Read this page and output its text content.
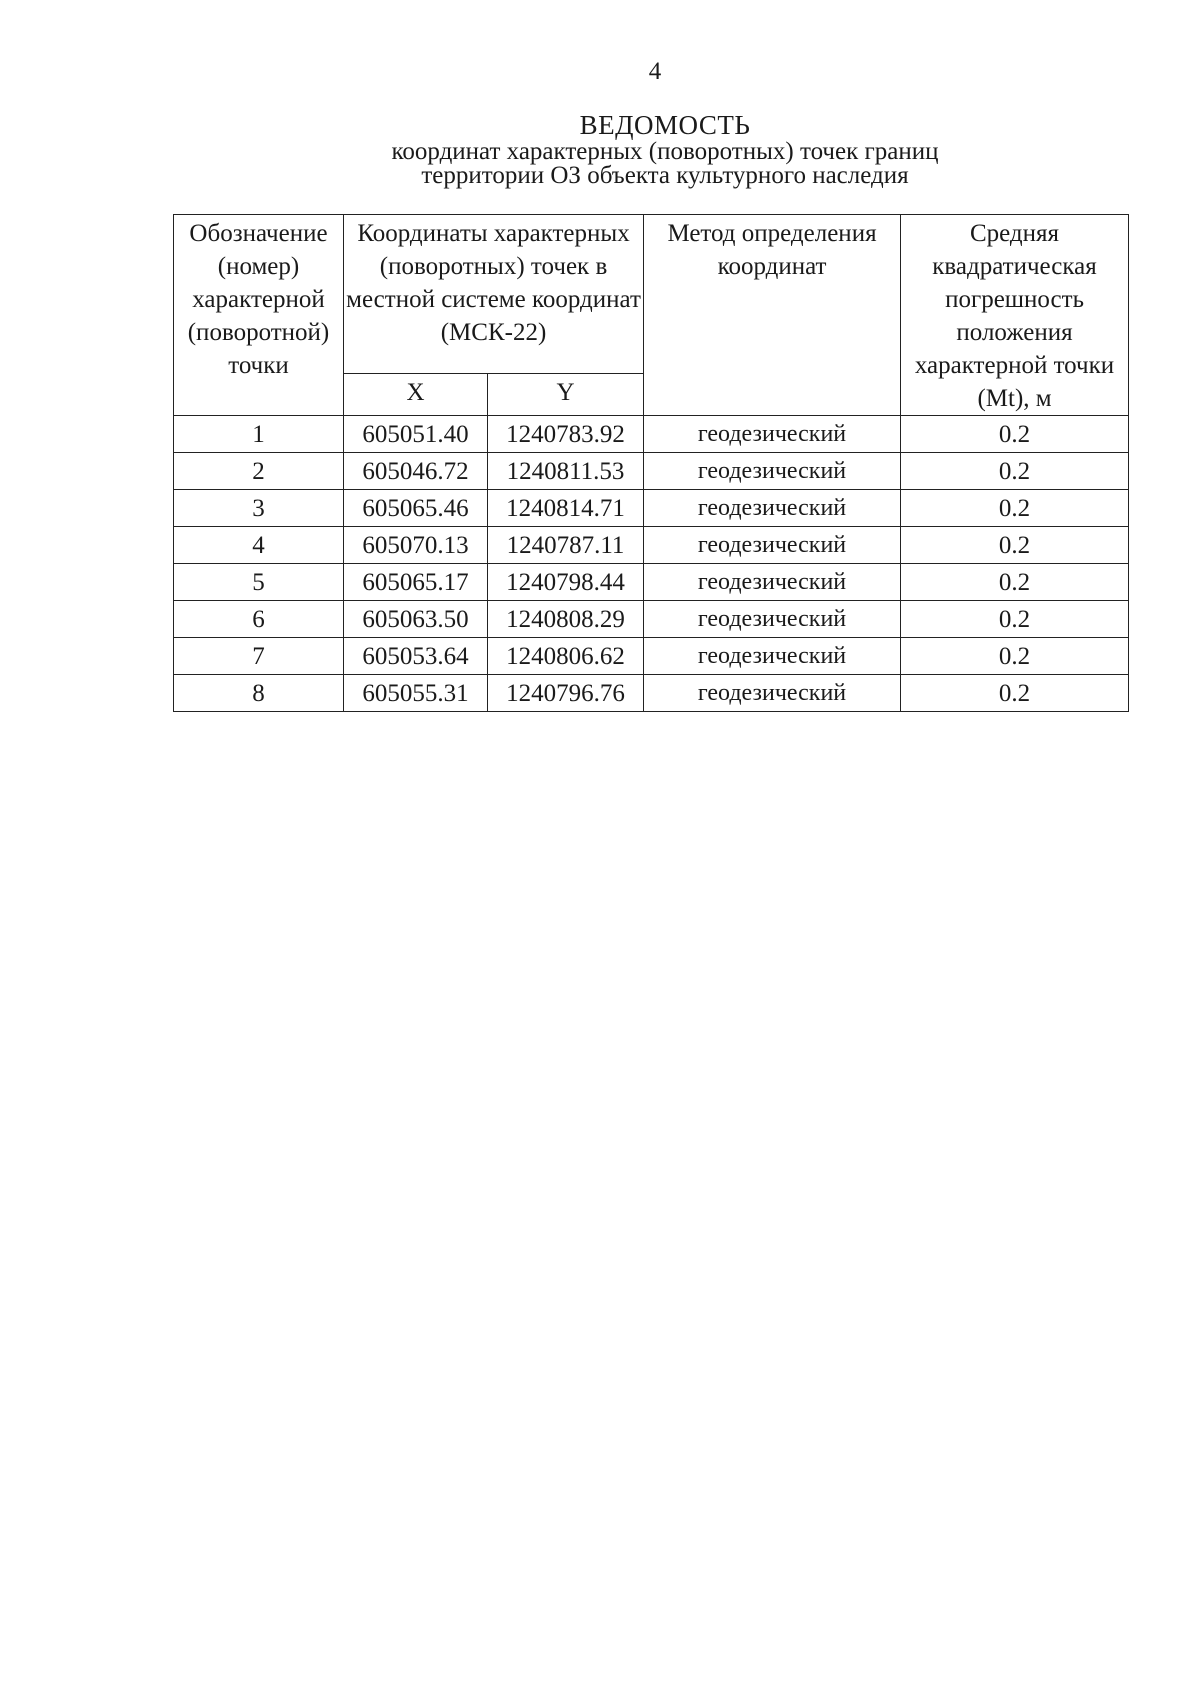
4
ВЕДОМОСТЬ
координат характерных (поворотных) точек границ
территории ОЗ объекта культурного наследия
Обозначение (номер) характерной (поворотной) точки	Координаты характерных (поворотных) точек в местной системе координат (МСК-22)		Метод определения координат	Средняя квадратическая погрешность положения характерной точки (Mt), м
	X	Y		
1	605051.40	1240783.92	геодезический	0.2
2	605046.72	1240811.53	геодезический	0.2
3	605065.46	1240814.71	геодезический	0.2
4	605070.13	1240787.11	геодезический	0.2
5	605065.17	1240798.44	геодезический	0.2
6	605063.50	1240808.29	геодезический	0.2
7	605053.64	1240806.62	геодезический	0.2
8	605055.31	1240796.76	геодезический	0.2
